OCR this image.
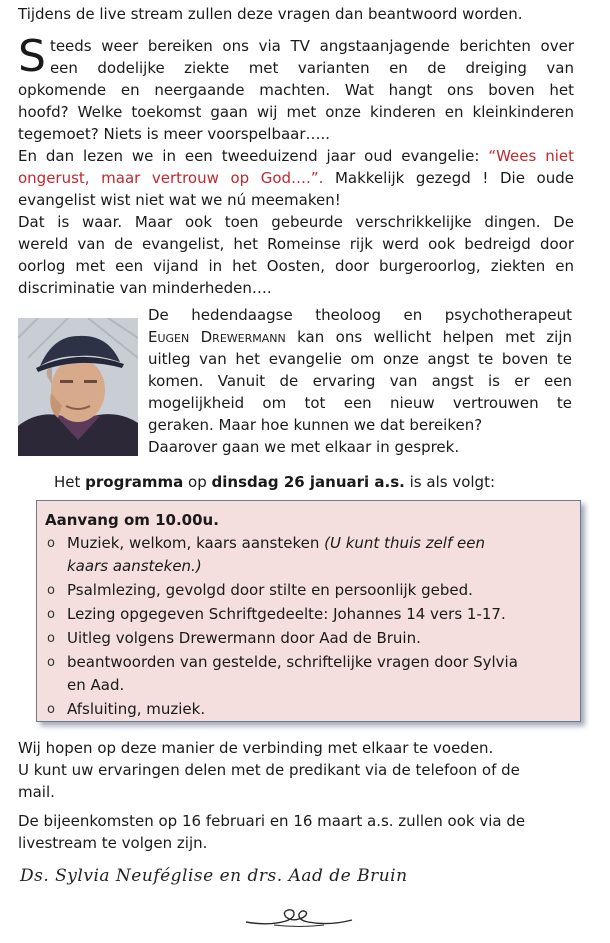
Tijdens de live stream zullen deze vragen dan beantwoord worden.

S teeds weer bereiken ons via TV angstaanjagende berichten over
een dodelijke ziekte met varianten en de dreiging van
opkomende en neergaande machten. Wat hangt ons boven het
hoofd? Welke toekomst gaan wij met onze kinderen en kleinkinderen
tegemoet? Niets is meer voorspelbaar…..
En dan lezen we in een tweeduizend jaar oud evangelie: “Wees niet
ongerust, maar vertrouw op God….”. Makkelijk gezegd ! Die oude
evangelist wist niet wat we nú meemaken!
Dat is waar. Maar ook toen gebeurde verschrikkelijke dingen. De
wereld van de evangelist, het Romeinse rijk werd ook bedreigd door
oorlog met een vijand in het Oosten, door burgeroorlog, ziekten en
discriminatie van minderheden….
De hedendaagse theoloog en psychotherapeut
Eugen Drewermann kan ons wellicht helpen met zijn
uitleg van het evangelie om onze angst te boven te
komen. Vanuit de ervaring van angst is er een
mogelijkheid om tot een nieuw vertrouwen te
geraken. Maar hoe kunnen we dat bereiken?
Daarover gaan we met elkaar in gesprek.

Het programma op dinsdag 26 januari a.s. is als volgt:

Aanvang om 10.00u.
o Muziek, welkom, kaars aansteken (U kunt thuis zelf een
kaars aansteken.)
o Psalmlezing, gevolgd door stilte en persoonlijk gebed.
o Lezing opgegeven Schriftgedeelte: Johannes 14 vers 1-17.
o Uitleg volgens Drewermann door Aad de Bruin.
o beantwoorden van gestelde, schriftelijke vragen door Sylvia
en Aad.
o Afsluiting, muziek.
Wij hopen op deze manier de verbinding met elkaar te voeden.
U kunt uw ervaringen delen met de predikant via de telefoon of de
mail.
De bijeenkomsten op 16 februari en 16 maart a.s. zullen ook via de
livestream te volgen zijn.
Ds. Sylvia Neuféglise en drs. Aad de Bruin
